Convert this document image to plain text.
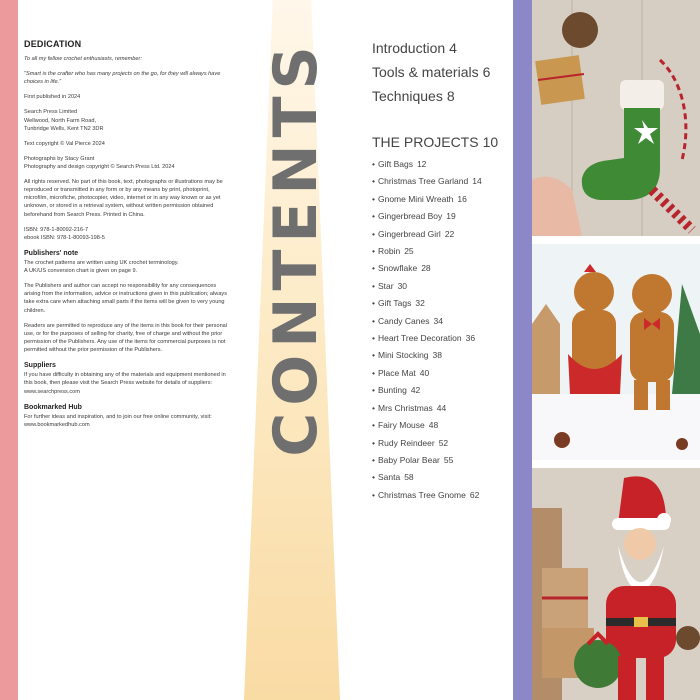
DEDICATION

To all my fellow crochet enthusiasts, remember:

"Smart is the crafter who has many projects on the go, for they will always have choices in life."

First published in 2024

Search Press Limited
Wellwood, North Farm Road,
Tunbridge Wells, Kent TN2 3DR

Text copyright © Val Pierce 2024

Photographs by Stacy Grant
Photography and design copyright © Search Press Ltd. 2024

All rights reserved. No part of this book, text, photographs or illustrations may be reproduced or transmitted in any form or by any means by print, photoprint, microfilm, microfiche, photocopier, video, internet or in any way known or as yet unknown, or stored in a retrieval system, without written permission obtained beforehand from Search Press. Printed in China.

ISBN: 978-1-80092-216-7
ebook ISBN: 978-1-80093-198-5

Publishers' note

The crochet patterns are written using UK crochet terminology.
A UK/US conversion chart is given on page 9.

The Publishers and author can accept no responsibility for any consequences arising from the information, advice or instructions given in this publication; always take extra care when attaching small parts if the items will be given to very young children.

Readers are permitted to reproduce any of the items in this book for their personal use, or for the purposes of selling for charity, free of charge and without the prior permission of the Publishers. Any use of the items for commercial purposes is not permitted without the prior permission of the Publishers.

Suppliers

If you have difficulty in obtaining any of the materials and equipment mentioned in this book, then please visit the Search Press website for details of suppliers:
www.searchpress.com

Bookmarked Hub

For further ideas and inspiration, and to join our free online community, visit: www.bookmarkedhub.com	CONTENTS	Introduction 4
Tools & materials 6
Techniques 8
THE PROJECTS 10
• Gift Bags 12
• Christmas Tree Garland 14
• Gnome Mini Wreath 16
• Gingerbread Boy 19
• Gingerbread Girl 22
• Robin 25
• Snowflake 28
• Star 30
• Gift Tags 32
• Candy Canes 34
• Heart Tree Decoration 36
• Mini Stocking 38
• Place Mat 40
• Bunting 42
• Mrs Christmas 44
• Fairy Mouse 48
• Rudy Reindeer 52
• Baby Polar Bear 55
• Santa 58
• Christmas Tree Gnome 62
